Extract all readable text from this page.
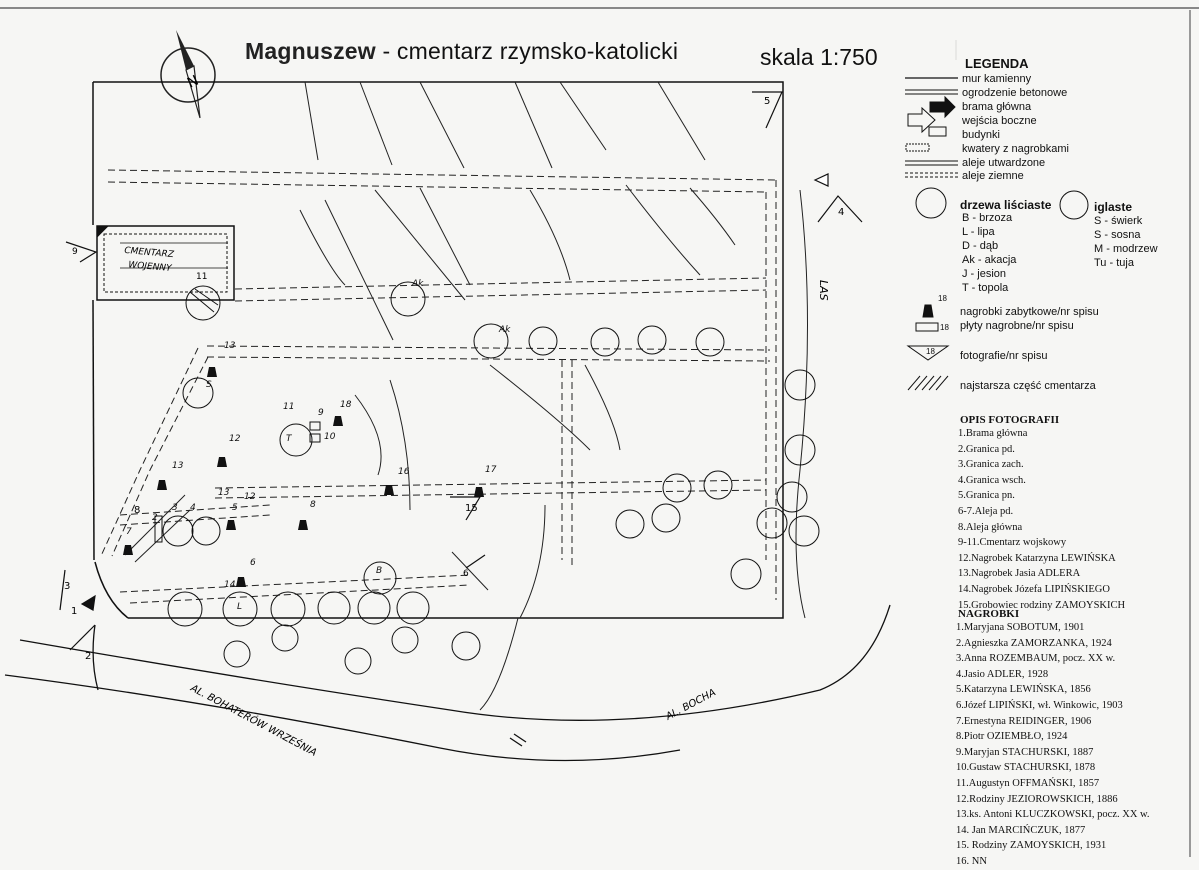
CMENTARZ
WOJENNY
AL. BOHATERÓW WRZEŚNIA	AL. BOCHA
LAS
N
1
2
3
4
5
6
8
9
11
15
Magnuszew - cmentarz rzymsko-katolicki	skala 1:750	LEGENDA
mur kamienny
ogrodzenie betonowe
brama główna
wejścia boczne
budynki
kwatery z nagrobkami
aleje utwardzone
aleje ziemne
drzewa liściaste
B - brzoza
L - lipa
D - dąb
Ak - akacja
J - jesion
T - topola
iglaste
S - świerk
S - sosna
M - modrzew
Tu - tuja
nagrobki zabytkowe/nr spisu
płyty nagrobne/nr spisu
fotografie/nr spisu
najstarsza część cmentarza
18
18
18
OPIS FOTOGRAFII
1.Brama główna
2.Granica pd.
3.Granica zach.
4.Granica wsch.
5.Granica pn.
6-7.Aleja pd.
8.Aleja główna
9-11.Cmentarz wojskowy
12.Nagrobek Katarzyna LEWIŃSKA
13.Nagrobek Jasia ADLERA
14.Nagrobek Józefa LIPIŃSKIEGO
15.Grobowiec rodziny ZAMOYSKICH
NAGROBKI
1.Maryjana SOBOTUM, 1901
2.Agnieszka ZAMORZANKA, 1924
3.Anna ROZEMBAUM, pocz. XX w.
4.Jasio ADLER, 1928
5.Katarzyna LEWIŃSKA, 1856
6.Józef LIPIŃSKI, wł. Winkowic, 1903
7.Ernestyna REIDINGER, 1906
8.Piotr OZIEMBŁO, 1924
9.Maryjan STACHURSKI, 1887
10.Gustaw STACHURSKI, 1878
11.Augustyn OFFMAŃSKI, 1857
12.Rodziny JEZIOROWSKICH, 1886
13.ks. Antoni KLUCZKOWSKI, pocz. XX w.
14. Jan MARCIŃCZUK, 1877
15. Rodziny ZAMOYSKICH, 1931
16. NN
13
12
13
13 12
11
9
18
10
16	17
8
6
14
2
3 4	5
7
Ak
Ak
B
T
L
S
